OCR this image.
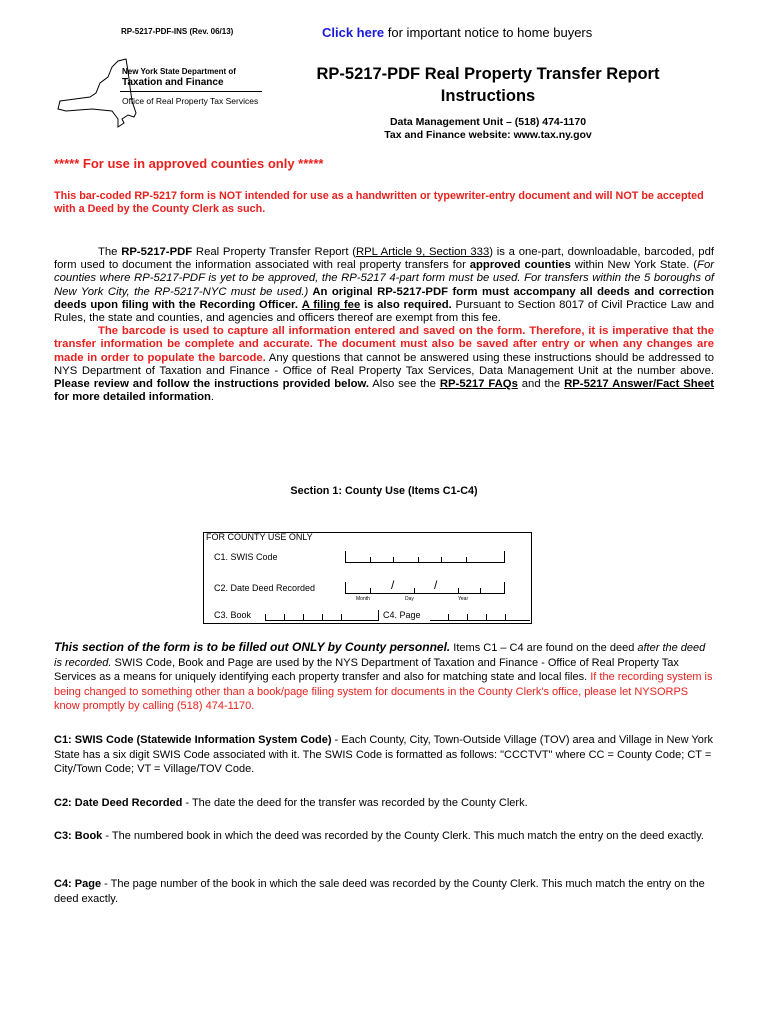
RP-5217-PDF-INS (Rev. 06/13)	Click here for important notice to home buyers
New York State Department of
Taxation and Finance
Office of Real Property Tax Services
RP-5217-PDF Real Property Transfer Report
Instructions
Data Management Unit – (518) 474-1170
Tax and Finance website: www.tax.ny.gov
***** For use in approved counties only *****
This bar-coded RP-5217 form is NOT intended for use as a handwritten or typewriter-entry document and will NOT be accepted with a Deed by the County Clerk as such.
The RP-5217-PDF Real Property Transfer Report (RPL Article 9, Section 333) is a one-part, downloadable, barcoded, pdf form used to document the information associated with real property transfers for approved counties within New York State. (For counties where RP-5217-PDF is yet to be approved, the RP-5217 4-part form must be used. For transfers within the 5 boroughs of New York City, the RP-5217-NYC must be used.) An original RP-5217-PDF form must accompany all deeds and correction deeds upon filing with the Recording Officer. A filing fee is also required. Pursuant to Section 8017 of Civil Practice Law and Rules, the state and counties, and agencies and officers thereof are exempt from this fee.
The barcode is used to capture all information entered and saved on the form. Therefore, it is imperative that the transfer information be complete and accurate. The document must also be saved after entry or when any changes are made in order to populate the barcode. Any questions that cannot be answered using these instructions should be addressed to NYS Department of Taxation and Finance - Office of Real Property Tax Services, Data Management Unit at the number above. Please review and follow the instructions provided below. Also see the RP-5217 FAQs and the RP-5217 Answer/Fact Sheet for more detailed information.
Section 1: County Use (Items C1-C4)
FOR COUNTY USE ONLY
C1. SWIS Code
C2. Date Deed Recorded
C3. Book	C4. Page
/	/
Month	Day	Year
This section of the form is to be filled out ONLY by County personnel. Items C1 – C4 are found on the deed after the deed is recorded. SWIS Code, Book and Page are used by the NYS Department of Taxation and Finance - Office of Real Property Tax Services as a means for uniquely identifying each property transfer and also for matching state and local files. If the recording system is being changed to something other than a book/page filing system for documents in the County Clerk's office, please let NYSORPS know promptly by calling (518) 474-1170.
C1: SWIS Code (Statewide Information System Code) - Each County, City, Town-Outside Village (TOV) area and Village in New York State has a six digit SWIS Code associated with it. The SWIS Code is formatted as follows: "CCCTVT" where CC = County Code; CT = City/Town Code; VT = Village/TOV Code.
C2: Date Deed Recorded - The date the deed for the transfer was recorded by the County Clerk.
C3: Book - The numbered book in which the deed was recorded by the County Clerk. This much match the entry on the deed exactly.
C4: Page - The page number of the book in which the sale deed was recorded by the County Clerk. This much match the entry on the deed exactly.
